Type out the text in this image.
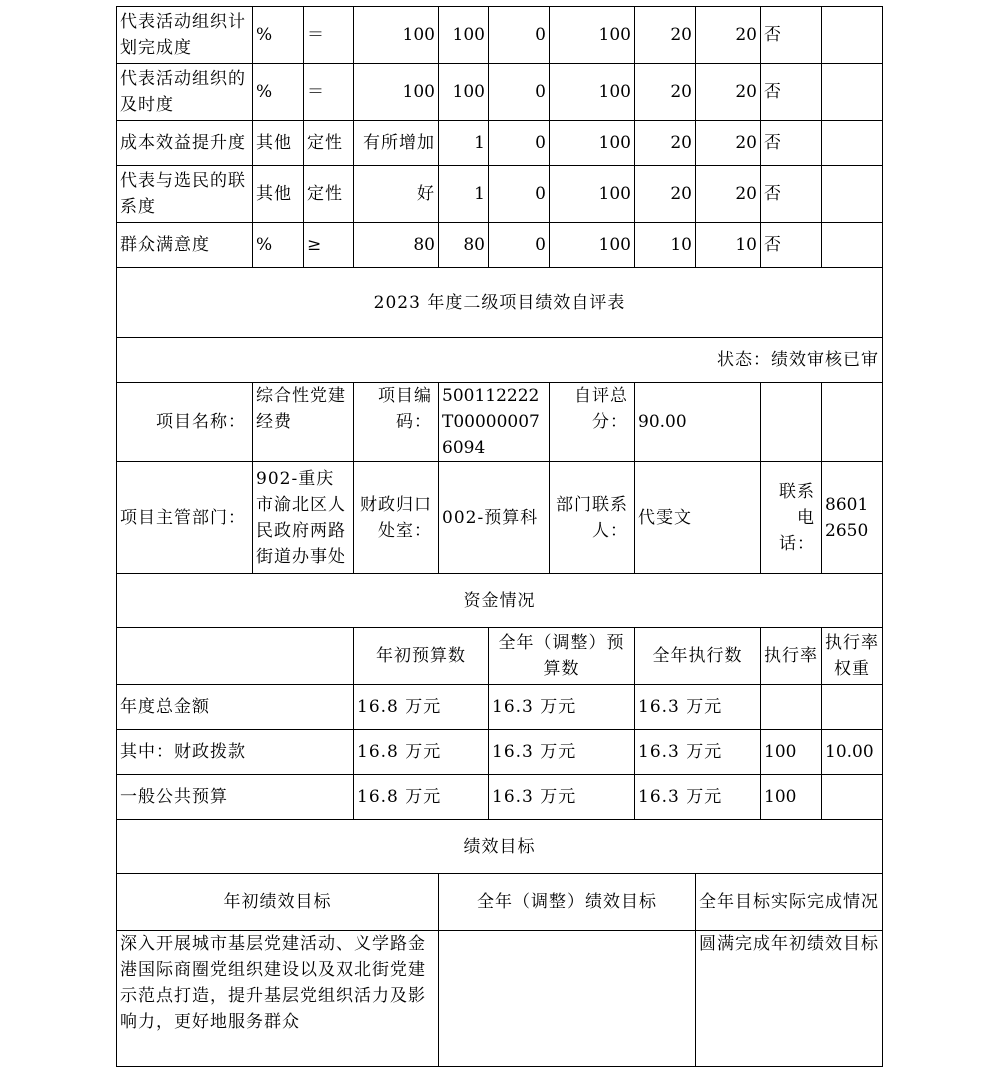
代表活动组织计划完成度	%	＝	100	100	0	100	20	20	否	
代表活动组织的及时度	%	＝	100	100	0	100	20	20	否	
成本效益提升度	其他	定性	有所增加	1	0	100	20	20	否	
代表与选民的联系度	其他	定性	好	1	0	100	20	20	否	
群众满意度	%	≥	80	80	0	100	10	10	否	
2023 年度二级项目绩效自评表										
状态：绩效审核已审										
项目名称：	综合性党建经费		项目编码：	500112222T000000076094		自评总分：	90.00			
项目主管部门：	902-重庆市渝北区人民政府两路街道办事处		财政归口处室：	002-预算科		部门联系人：	代雯文		联系电话：	86012650
资金情况										
			年初预算数		全年（调整）预算数		全年执行数		执行率	执行率权重
年度总金额			16.8 万元		16.3 万元		16.3 万元			
其中：财政拨款			16.8 万元		16.3 万元		16.3 万元		100	10.00
一般公共预算			16.8 万元		16.3 万元		16.3 万元		100	
绩效目标										
年初绩效目标				全年（调整）绩效目标				全年目标实际完成情况		
深入开展城市基层党建活动、义学路金港国际商圈党组织建设以及双北街党建示范点打造，提升基层党组织活力及影响力，更好地服务群众								圆满完成年初绩效目标		
